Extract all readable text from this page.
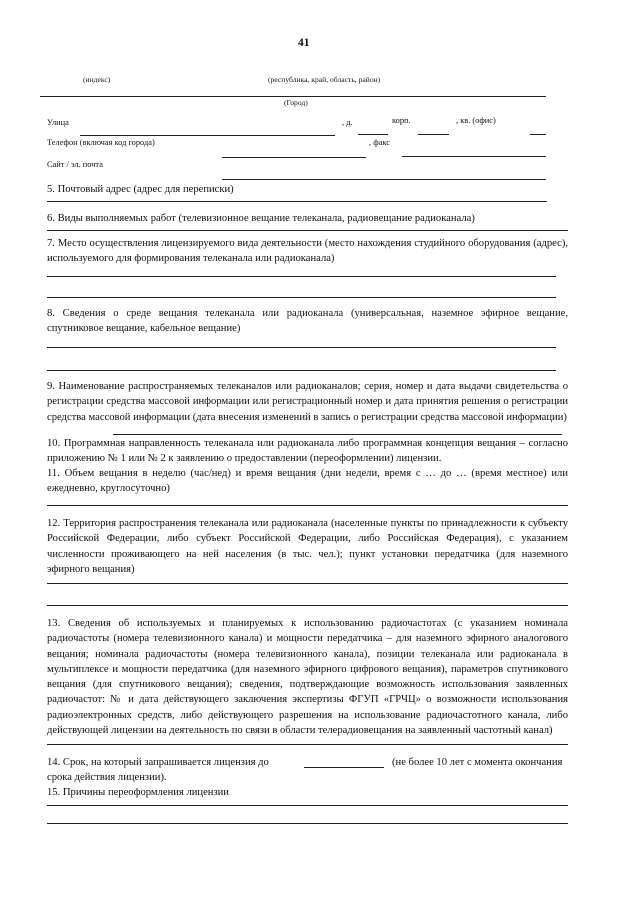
41
(индекс)	(республика, край, область, район)
(Город)
Улица	, д.	корп.	, кв. (офис)
Телефон (включая код города)	, факс
Сайт / эл. почта
5. Почтовый адрес (адрес для переписки)
6. Виды выполняемых работ (телевизионное вещание телеканала, радиовещание радиоканала)
7. Место осуществления лицензируемого вида деятельности (место нахождения студийного оборудования (адрес), используемого для формирования телеканала или радиоканала)
8. Сведения о среде вещания телеканала или радиоканала (универсальная, наземное эфирное вещание, спутниковое вещание, кабельное вещание)
9. Наименование распространяемых телеканалов или радиоканалов; серия, номер и дата выдачи свидетельства о регистрации средства массовой информации или регистрационный номер и дата принятия решения о регистрации средства массовой информации (дата внесения изменений в запись о регистрации средства массовой информации)
10. Программная направленность телеканала или радиоканала либо программная концепция вещания – согласно приложению № 1 или № 2 к заявлению о предоставлении (переоформлении) лицензии.
11. Объем вещания в неделю (час/нед) и время вещания (дни недели, время с … до … (время местное) или ежедневно, круглосуточно)
12. Территория распространения телеканала или радиоканала (населенные пункты по принадлежности к субъекту Российской Федерации, либо субъект Российской Федерации, либо Российская Федерация), с указанием численности проживающего на ней населения (в тыс. чел.); пункт установки передатчика (для наземного эфирного вещания)
13. Сведения об используемых и планируемых к использованию радиочастотах (с указанием номинала радиочастоты (номера телевизионного канала) и мощности передатчика – для наземного эфирного аналогового вещания; номинала радиочастоты (номера телевизионного канала), позиции телеканала или радиоканала в мультиплексе и мощности передатчика (для наземного эфирного цифрового вещания), параметров спутникового вещания (для спутникового вещания); сведения, подтверждающие возможность использования заявленных радиочастот: № и дата действующего заключения экспертизы ФГУП «ГРЧЦ» о возможности использования радиоэлектронных средств, либо действующего разрешения на использование радиочастотного канала, либо действующей лицензии на деятельность по связи в области телерадиовещания на заявленный частотный канал)
14. Срок, на который запрашивается лицензия до	(не более 10 лет с момента окончания
срока действия лицензии).
15. Причины переоформления лицензии
